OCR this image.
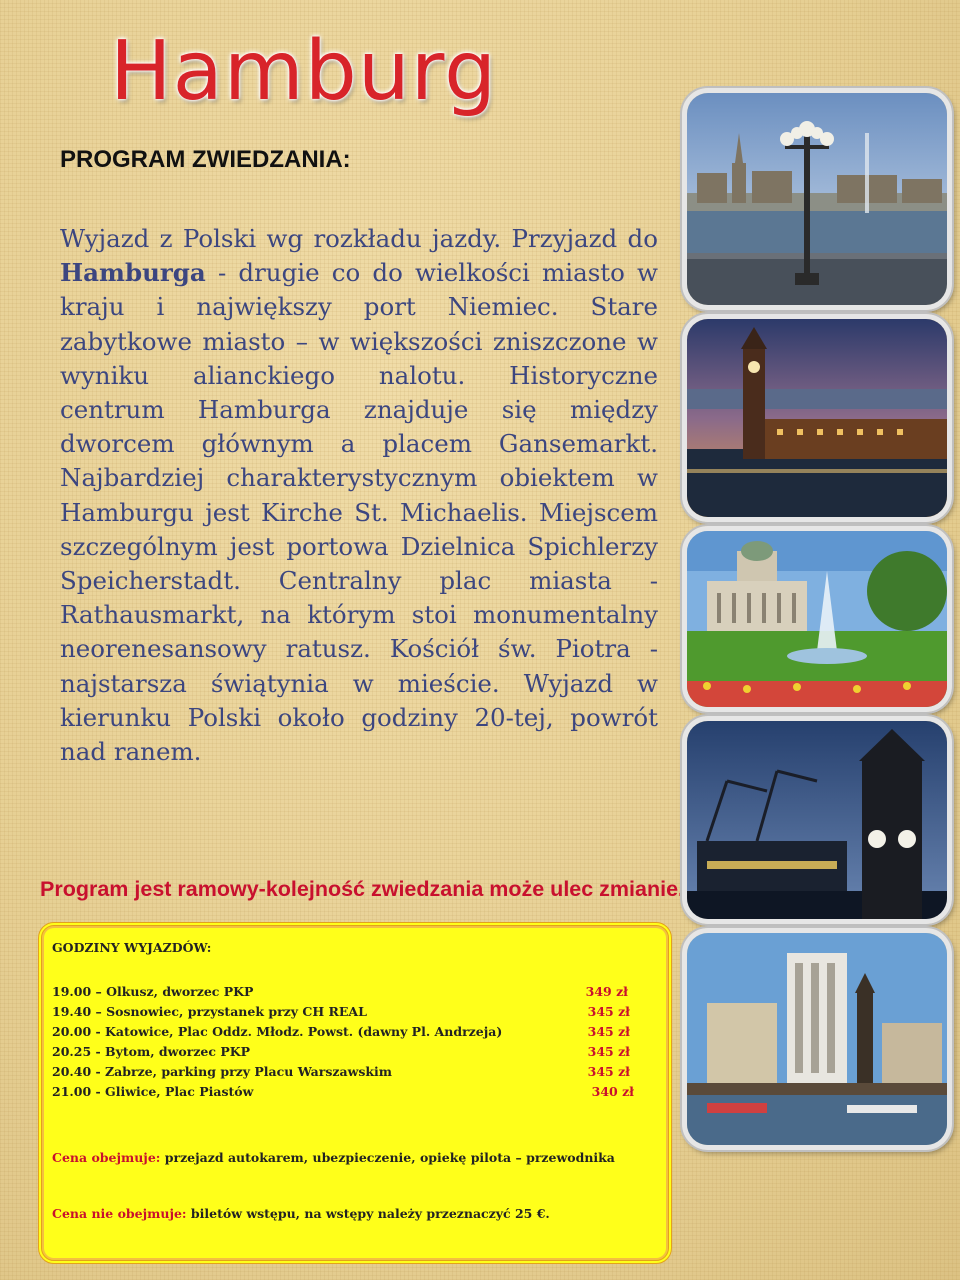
Hamburg
PROGRAM ZWIEDZANIA:
Wyjazd z Polski wg rozkładu jazdy. Przyjazd do Hamburga - drugie co do wielkości miasto w kraju i największy port Niemiec. Stare zabytkowe miasto – w większości zniszczone w wyniku alianckiego nalotu. Historyczne centrum Hamburga znajduje się między dworcem głównym a placem Gansemarkt. Najbardziej charakterystycznym obiektem w Hamburgu jest Kirche St. Michaelis. Miejscem szczególnym jest portowa Dzielnica Spichlerzy Speicherstadt. Centralny plac miasta - Rathausmarkt, na którym stoi monumentalny neorenesansowy ratusz. Kościół św. Piotra - najstarsza świątynia w mieście. Wyjazd w kierunku Polski około godziny 20-tej, powrót nad ranem.
Program jest ramowy-kolejność zwiedzania może ulec zmianie.
GODZINY WYJAZDÓW:
19.00 – Olkusz, dworzec PKP	349 zł
19.40 – Sosnowiec, przystanek przy CH REAL	345 zł
20.00 - Katowice, Plac Oddz. Młodz. Powst. (dawny Pl. Andrzeja)	345 zł
20.25 - Bytom, dworzec PKP	345 zł
20.40 - Zabrze, parking przy Placu Warszawskim	345 zł
21.00 - Gliwice, Plac Piastów	340 zł
Cena obejmuje: przejazd autokarem, ubezpieczenie, opiekę pilota – przewodnika
Cena nie obejmuje: biletów wstępu, na wstępy należy przeznaczyć 25 €.
